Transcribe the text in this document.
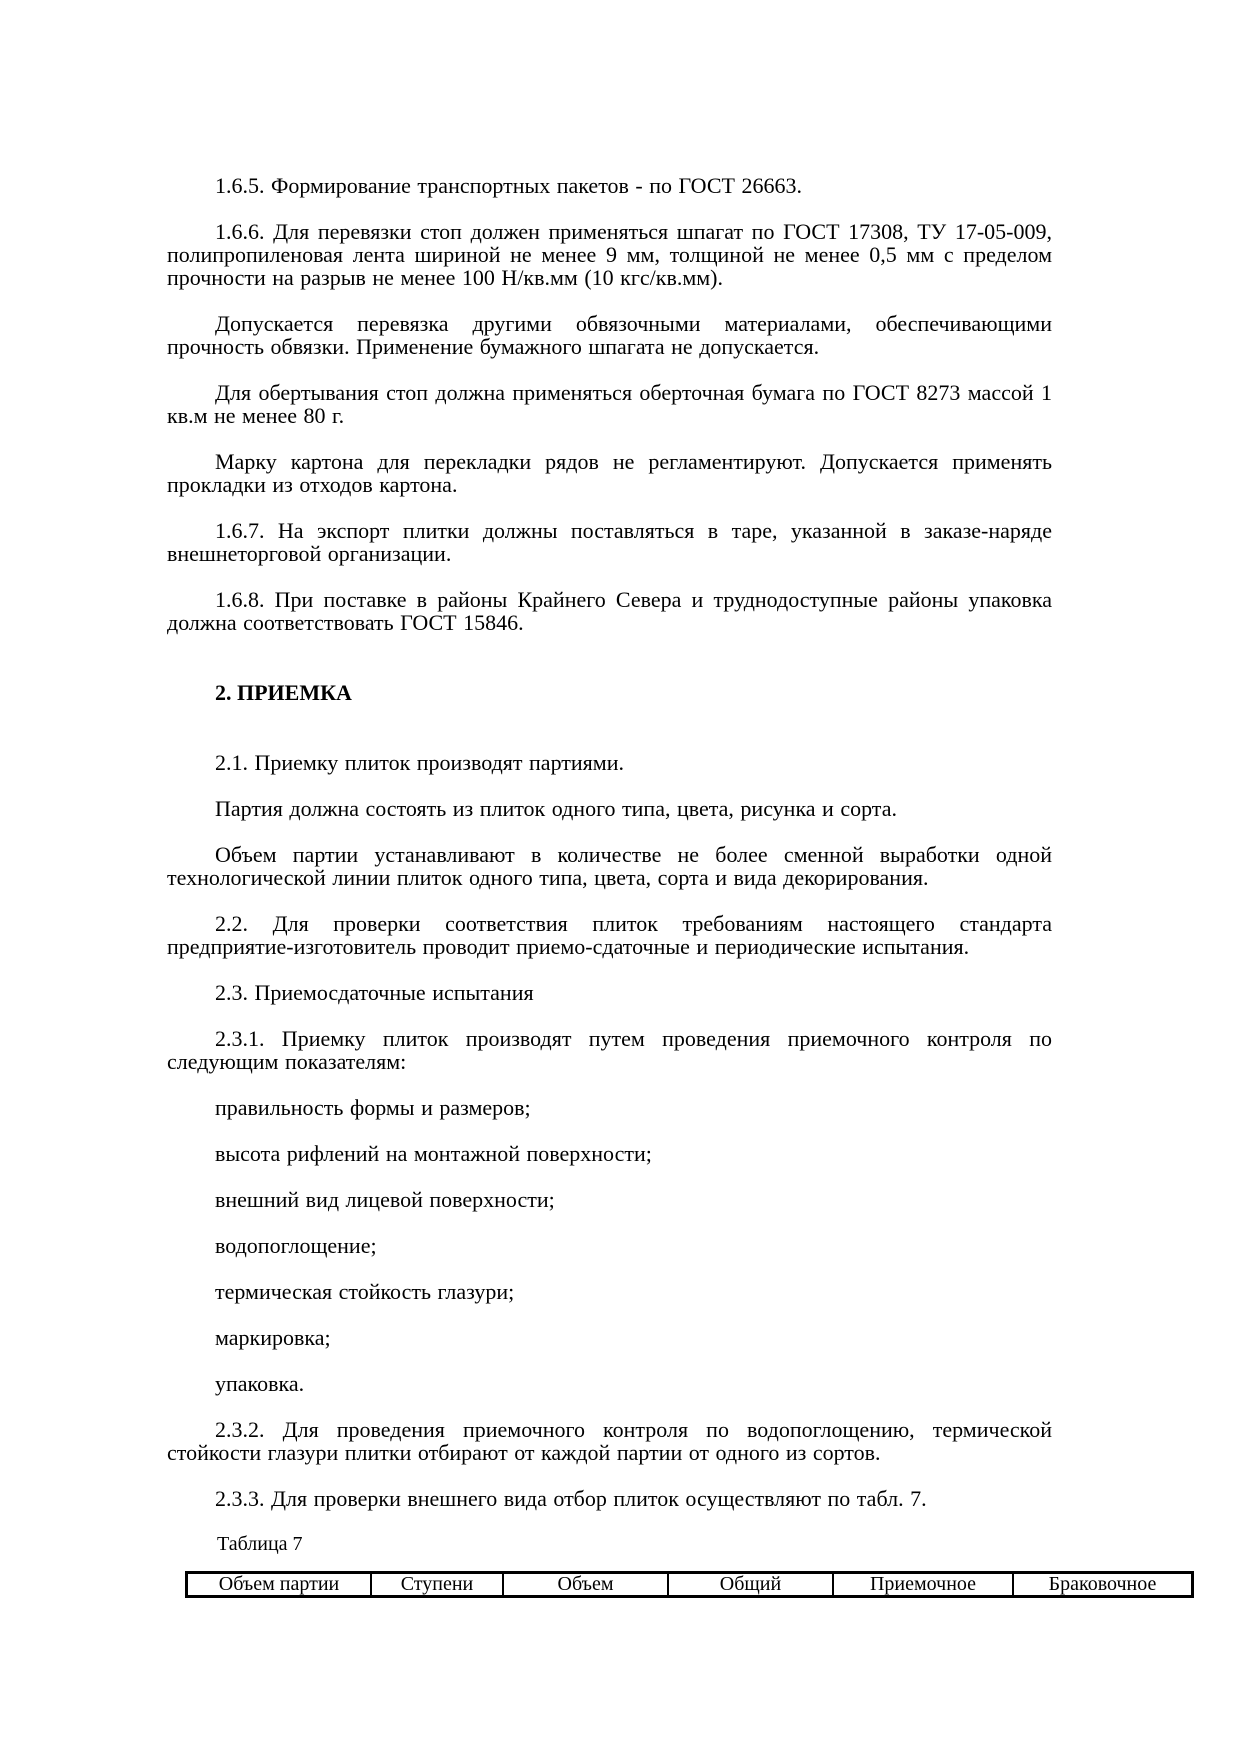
1.6.5. Формирование транспортных пакетов - по ГОСТ 26663.

1.6.6. Для перевязки стоп должен применяться шпагат по ГОСТ 17308, ТУ 17-05-009, полипропиленовая лента шириной не менее 9 мм, толщиной не менее 0,5 мм с пределом прочности на разрыв не менее 100 Н/кв.мм (10 кгс/кв.мм).

Допускается перевязка другими обвязочными материалами, обеспечивающими прочность обвязки. Применение бумажного шпагата не допускается.

Для обертывания стоп должна применяться оберточная бумага по ГОСТ 8273 массой 1 кв.м не менее 80 г.

Марку картона для перекладки рядов не регламентируют. Допускается применять прокладки из отходов картона.

1.6.7. На экспорт плитки должны поставляться в таре, указанной в заказе-наряде внешнеторговой организации.

1.6.8. При поставке в районы Крайнего Севера и труднодоступные районы упаковка должна соответствовать ГОСТ 15846.

2. ПРИЕМКА

2.1. Приемку плиток производят партиями.

Партия должна состоять из плиток одного типа, цвета, рисунка и сорта.

Объем партии устанавливают в количестве не более сменной выработки одной технологической линии плиток одного типа, цвета, сорта и вида декорирования.

2.2. Для проверки соответствия плиток требованиям настоящего стандарта предприятие-изготовитель проводит приемо-сдаточные и периодические испытания.

2.3. Приемосдаточные испытания

2.3.1. Приемку плиток производят путем проведения приемочного контроля по следующим показателям:

правильность формы и размеров;

высота рифлений на монтажной поверхности;

внешний вид лицевой поверхности;

водопоглощение;

термическая стойкость глазури;

маркировка;

упаковка.

2.3.2. Для проведения приемочного контроля по водопоглощению, термической стойкости глазури плитки отбирают от каждой партии от одного из сортов.

2.3.3. Для проверки внешнего вида отбор плиток осуществляют по табл. 7.

Таблица 7

Объем партии	Ступени	Объем	Общий	Приемочное	Браковочное
